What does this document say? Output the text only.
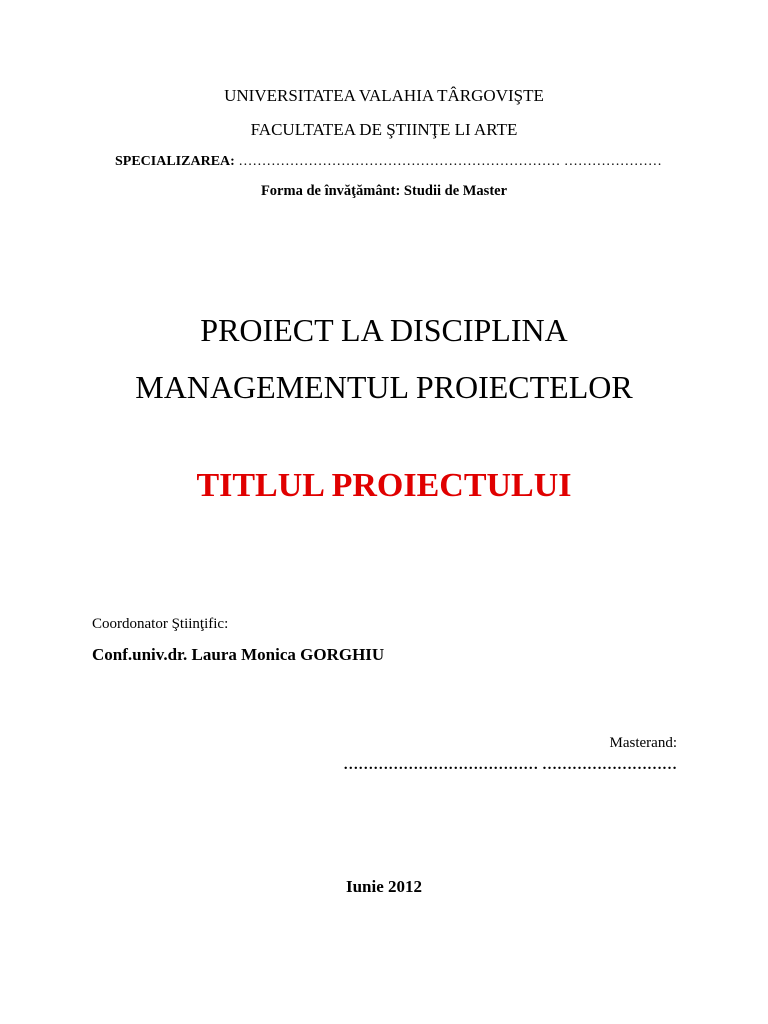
UNIVERSITATEA VALAHIA TÂRGOVIŞTE
FACULTATEA DE ŞTIINŢE LI ARTE
SPECIALIZAREA: …………………………………………………………… …………………
Forma de învăţământ: Studii de Master
PROIECT LA DISCIPLINA
MANAGEMENTUL PROIECTELOR
TITLUL PROIECTULUI
Coordonator Ştiinţific:
Conf.univ.dr. Laura Monica GORGHIU
Masterand:
………………………………… ………………………
Iunie 2012
